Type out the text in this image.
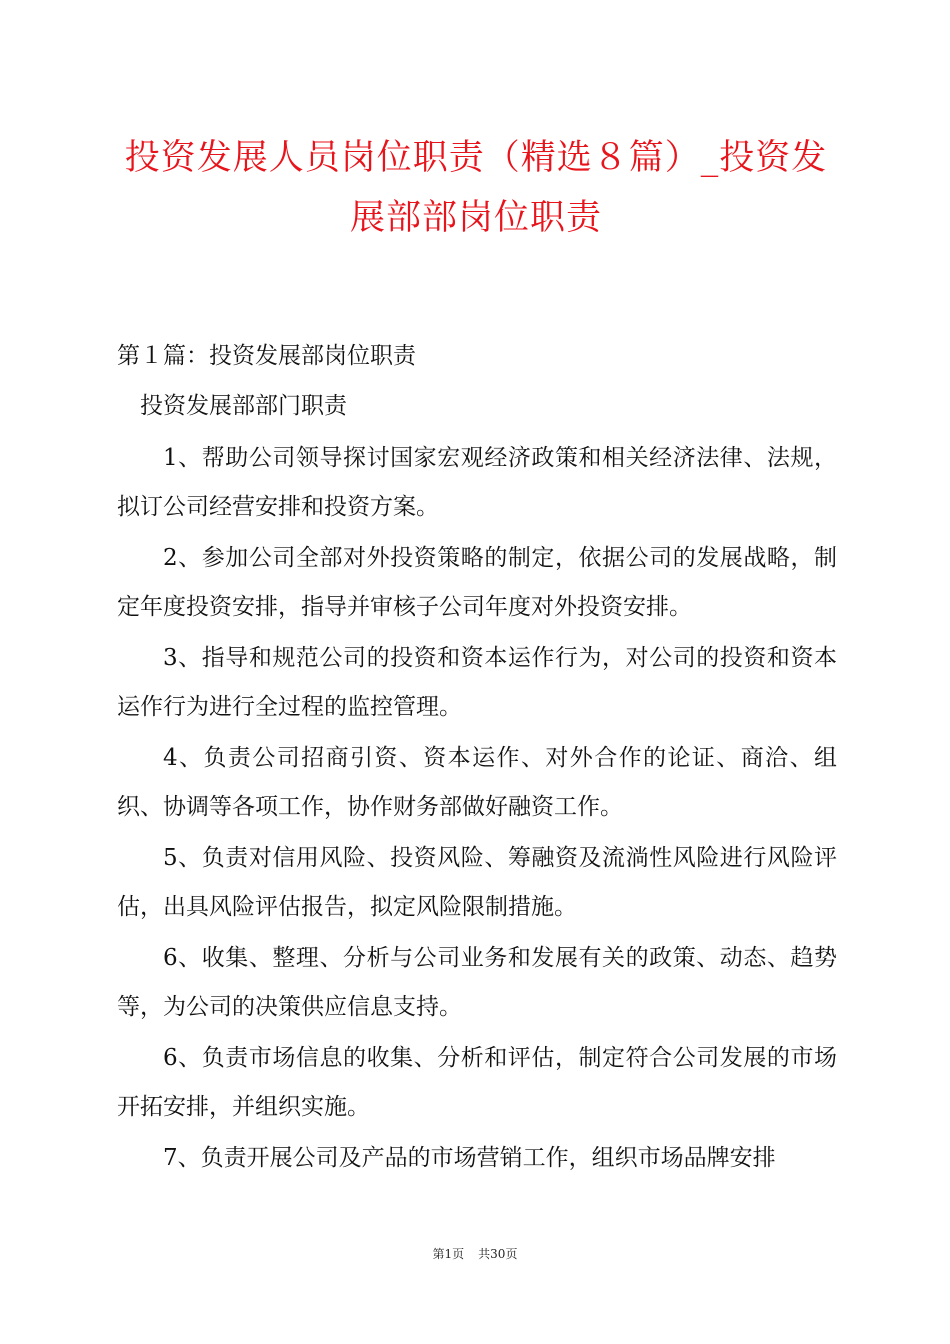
投资发展人员岗位职责（精选８篇）_投资发展部部岗位职责
第１篇：投资发展部岗位职责
投资发展部部门职责
1、帮助公司领导探讨国家宏观经济政策和相关经济法律、法规，拟订公司经营安排和投资方案。
2、参加公司全部对外投资策略的制定，依据公司的发展战略，制定年度投资安排，指导并审核子公司年度对外投资安排。
3、指导和规范公司的投资和资本运作行为，对公司的投资和资本运作行为进行全过程的监控管理。
4、负责公司招商引资、资本运作、对外合作的论证、商洽、组织、协调等各项工作，协作财务部做好融资工作。
5、负责对信用风险、投资风险、筹融资及流淌性风险进行风险评估，出具风险评估报告，拟定风险限制措施。
6、收集、整理、分析与公司业务和发展有关的政策、动态、趋势等，为公司的决策供应信息支持。
6、负责市场信息的收集、分析和评估，制定符合公司发展的市场开拓安排，并组织实施。
7、负责开展公司及产品的市场营销工作，组织市场品牌安排
第1页 共30页
